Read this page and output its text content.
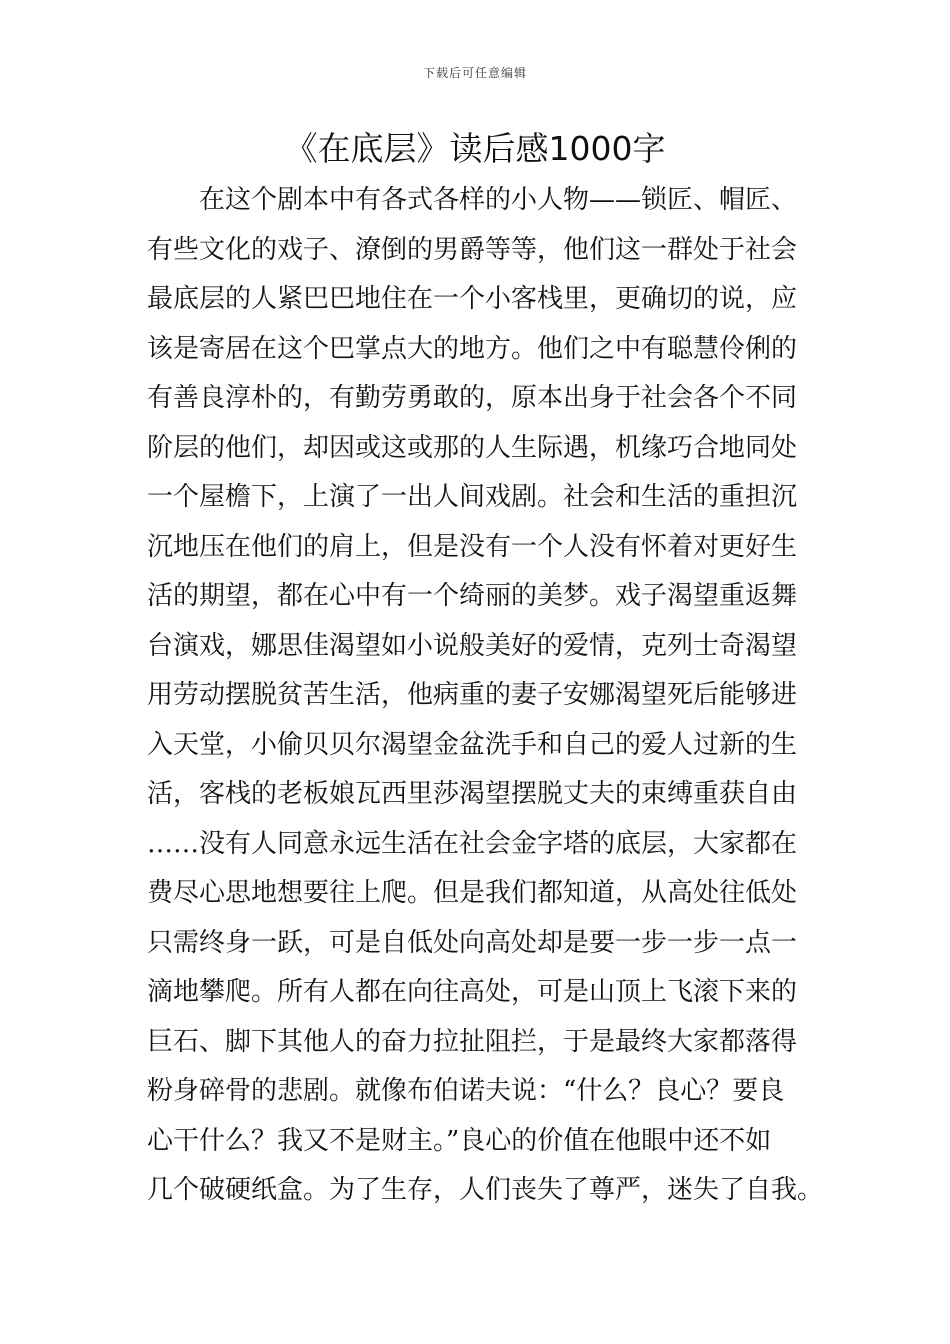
下载后可任意编辑
《在底层》读后感1000字
在这个剧本中有各式各样的小人物——锁匠、帽匠、
有些文化的戏子、潦倒的男爵等等，他们这一群处于社会
最底层的人紧巴巴地住在一个小客栈里，更确切的说，应
该是寄居在这个巴掌点大的地方。他们之中有聪慧伶俐的
有善良淳朴的，有勤劳勇敢的，原本出身于社会各个不同
阶层的他们，却因或这或那的人生际遇，机缘巧合地同处
一个屋檐下，上演了一出人间戏剧。社会和生活的重担沉
沉地压在他们的肩上，但是没有一个人没有怀着对更好生
活的期望，都在心中有一个绮丽的美梦。戏子渴望重返舞
台演戏，娜思佳渴望如小说般美好的爱情，克列士奇渴望
用劳动摆脱贫苦生活，他病重的妻子安娜渴望死后能够进
入天堂，小偷贝贝尔渴望金盆洗手和自己的爱人过新的生
活，客栈的老板娘瓦西里莎渴望摆脱丈夫的束缚重获自由
……没有人同意永远生活在社会金字塔的底层，大家都在
费尽心思地想要往上爬。但是我们都知道，从高处往低处
只需终身一跃，可是自低处向高处却是要一步一步一点一
滴地攀爬。所有人都在向往高处，可是山顶上飞滚下来的
巨石、脚下其他人的奋力拉扯阻拦，于是最终大家都落得
粉身碎骨的悲剧。就像布伯诺夫说：“什么？良心？要良
心干什么？我又不是财主。”良心的价值在他眼中还不如
几个破硬纸盒。为了生存，人们丧失了尊严，迷失了自我。
